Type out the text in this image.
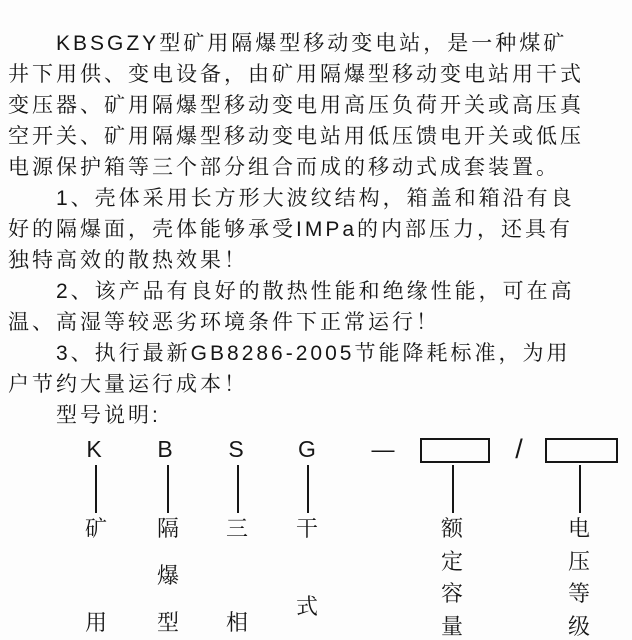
KBSGZY型矿用隔爆型移动变电站，是一种煤矿
井下用供、变电设备，由矿用隔爆型移动变电站用干式
变压器、矿用隔爆型移动变电用高压负荷开关或高压真
空开关、矿用隔爆型移动变电站用低压馈电开关或低压
电源保护箱等三个部分组合而成的移动式成套装置。
1、壳体采用长方形大波纹结构，箱盖和箱沿有良
好的隔爆面，壳体能够承受IMPa的内部压力，还具有
独特高效的散热效果！
2、该产品有良好的散热性能和绝缘性能，可在高
温、高湿等较恶劣环境条件下正常运行！
3、执行最新GB8286-2005节能降耗标准，为用
户节约大量运行成本！
型号说明:
K	B	S	G —	/
矿
用
隔
爆
型
三
相
干
式
额
定
容
量
电
压
等
级
